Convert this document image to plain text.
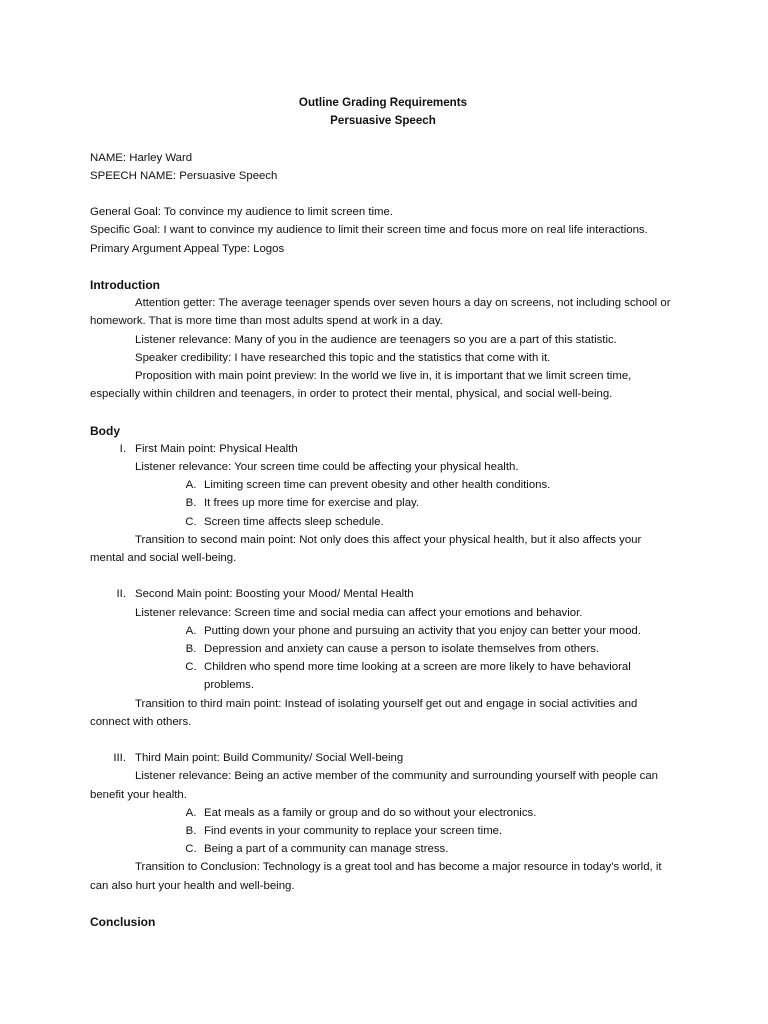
Outline Grading Requirements

Persuasive Speech

NAME: Harley Ward

SPEECH NAME: Persuasive Speech

General Goal: To convince my audience to limit screen time.

Specific Goal: I want to convince my audience to limit their screen time and focus more on real life interactions.

Primary Argument Appeal Type: Logos

Introduction

Attention getter: The average teenager spends over seven hours a day on screens, not including school or homework. That is more time than most adults spend at work in a day.

Listener relevance: Many of you in the audience are teenagers so you are a part of this statistic.

Speaker credibility: I have researched this topic and the statistics that come with it.

Proposition with main point preview: In the world we live in, it is important that we limit screen time, especially within children and teenagers, in order to protect their mental, physical, and social well-being.

Body

I. First Main point: Physical Health

Listener relevance: Your screen time could be affecting your physical health.

A. Limiting screen time can prevent obesity and other health conditions.
B. It frees up more time for exercise and play.
C. Screen time affects sleep schedule.

Transition to second main point: Not only does this affect your physical health, but it also affects your mental and social well-being.

II. Second Main point: Boosting your Mood/ Mental Health

Listener relevance: Screen time and social media can affect your emotions and behavior.

A. Putting down your phone and pursuing an activity that you enjoy can better your mood.
B. Depression and anxiety can cause a person to isolate themselves from others.
C. Children who spend more time looking at a screen are more likely to have behavioral problems.

Transition to third main point: Instead of isolating yourself get out and engage in social activities and connect with others.

III. Third Main point: Build Community/ Social Well-being

Listener relevance: Being an active member of the community and surrounding yourself with people can benefit your health.

A. Eat meals as a family or group and do so without your electronics.
B. Find events in your community to replace your screen time.
C. Being a part of a community can manage stress.

Transition to Conclusion: Technology is a great tool and has become a major resource in today’s world, it can also hurt your health and well-being.

Conclusion
